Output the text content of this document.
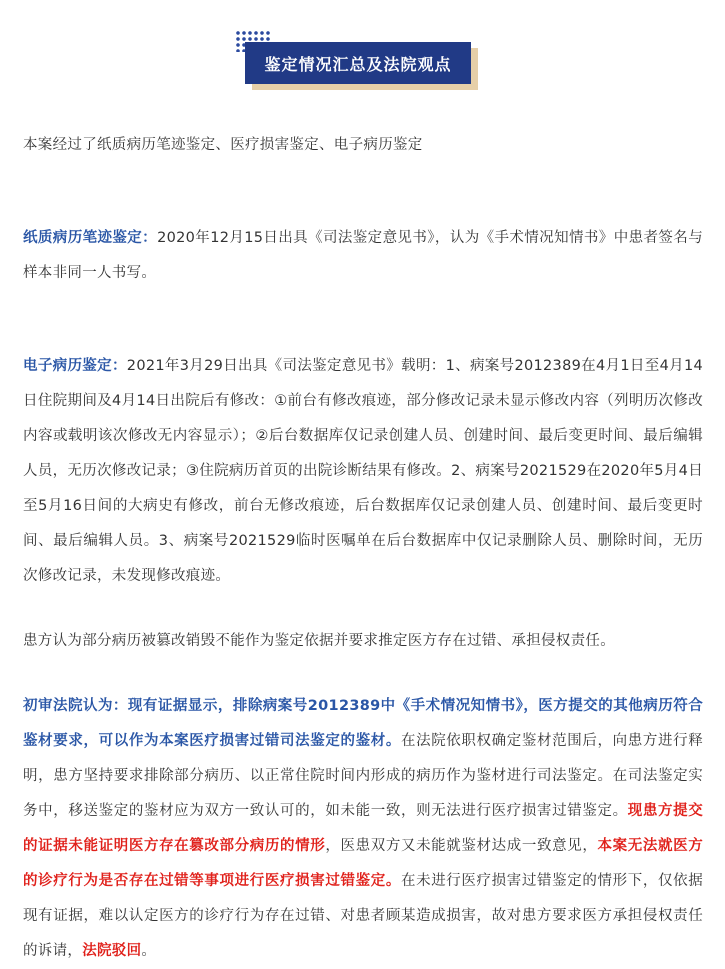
鉴定情况汇总及法院观点

本案经过了纸质病历笔迹鉴定、医疗损害鉴定、电子病历鉴定

纸质病历笔迹鉴定：2020年12月15日出具《司法鉴定意见书》，认为《手术情况知情书》中患者签名与样本非同一人书写。

电子病历鉴定：2021年3月29日出具《司法鉴定意见书》载明：1、病案号2012389在4月1日至4月14日住院期间及4月14日出院后有修改：①前台有修改痕迹，部分修改记录未显示修改内容（列明历次修改内容或载明该次修改无内容显示）；②后台数据库仅记录创建人员、创建时间、最后变更时间、最后编辑人员，无历次修改记录；③住院病历首页的出院诊断结果有修改。2、病案号2021529在2020年5月4日至5月16日间的大病史有修改，前台无修改痕迹，后台数据库仅记录创建人员、创建时间、最后变更时间、最后编辑人员。3、病案号2021529临时医嘱单在后台数据库中仅记录删除人员、删除时间，无历次修改记录，未发现修改痕迹。

患方认为部分病历被篡改销毁不能作为鉴定依据并要求推定医方存在过错、承担侵权责任。

初审法院认为：现有证据显示，排除病案号2012389中《手术情况知情书》，医方提交的其他病历符合鉴材要求，可以作为本案医疗损害过错司法鉴定的鉴材。在法院依职权确定鉴材范围后，向患方进行释明，患方坚持要求排除部分病历、以正常住院时间内形成的病历作为鉴材进行司法鉴定。在司法鉴定实务中，移送鉴定的鉴材应为双方一致认可的，如未能一致，则无法进行医疗损害过错鉴定。现患方提交的证据未能证明医方存在篡改部分病历的情形，医患双方又未能就鉴材达成一致意见，本案无法就医方的诊疗行为是否存在过错等事项进行医疗损害过错鉴定。在未进行医疗损害过错鉴定的情形下，仅依据现有证据，难以认定医方的诊疗行为存在过错、对患者顾某造成损害，故对患方要求医方承担侵权责任的诉请，法院驳回。
